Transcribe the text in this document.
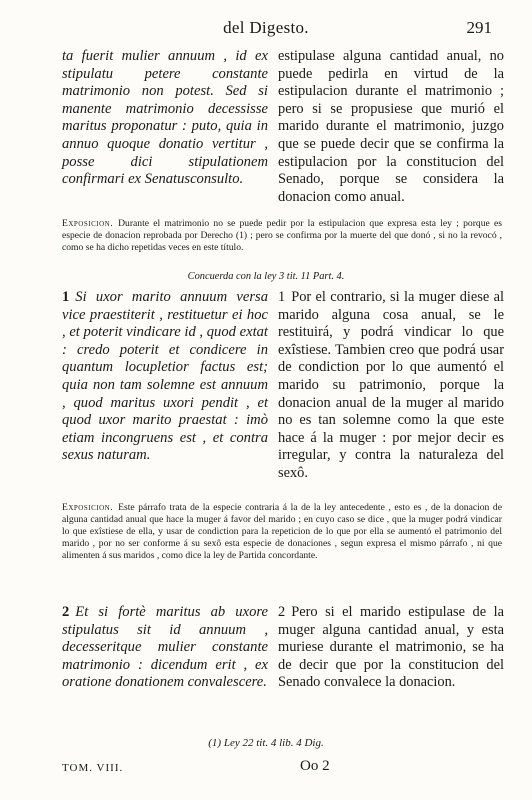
del Digesto.	291

ta fuerit mulier annuum , id ex stipulatu petere constante matrimonio non potest. Sed si manente matrimonio decessisse maritus proponatur : puto, quia in annuo quoque donatio vertitur , posse dici stipulationem confirmari ex Senatusconsulto.

estipulase alguna cantidad anual, no puede pedirla en virtud de la estipulacion durante el matrimonio ; pero si se propusiese que murió el marido durante el matrimonio, juzgo que se puede decir que se confirma la estipulacion por la constitucion del Senado, porque se considera la donacion como anual.

Exposicion. Durante el matrimonio no se puede pedir por la estipulacion que expresa esta ley ; porque es especie de donacion reprobada por Derecho (1) ; pero se confirma por la muerte del que donó , si no la revocó , como se ha dicho repetidas veces en este título.
Concuerda con la ley 3 tit. 11 Part. 4.

1 Si uxor marito annuum versa vice praestiterit , restituetur ei hoc , et poterit vindicare id , quod extat : credo poterit et condicere in quantum locupletior factus est; quia non tam solemne est annuum , quod maritus uxori pendit , et quod uxor marito praestat : imò etiam incongruens est , et contra sexus naturam.

1 Por el contrario, si la muger diese al marido alguna cosa anual, se le restituirá, y podrá vindicar lo que exîstiese. Tambien creo que podrá usar de condiction por lo que aumentó el marido su patrimonio, porque la donacion anual de la muger al marido no es tan solemne como la que este hace á la muger : por mejor decir es irregular, y contra la naturaleza del sexô.

Exposicion. Este párrafo trata de la especie contraria á la de la ley antecedente , esto es , de la donacion de alguna cantidad anual que hace la muger á favor del marido ; en cuyo caso se dice , que la muger podrá vindicar lo que exîstiese de ella, y usar de condiction para la repeticion de lo que por ella se aumentó el patrimonio del marido , por no ser conforme á su sexô esta especie de donaciones , segun expresa el mismo párrafo , ni que alimenten á sus maridos , como dice la ley de Partida concordante.

2 Et si fortè maritus ab uxore stipulatus sit id annuum , decesseritque mulier constante matrimonio : dicendum erit , ex oratione donationem convalescere.

2 Pero si el marido estipulase de la muger alguna cantidad anual, y esta muriese durante el matrimonio, se ha de decir que por la constitucion del Senado convalece la donacion.

(1) Ley 22 tit. 4 lib. 4 Dig.
TOM. VIII.	Oo 2
